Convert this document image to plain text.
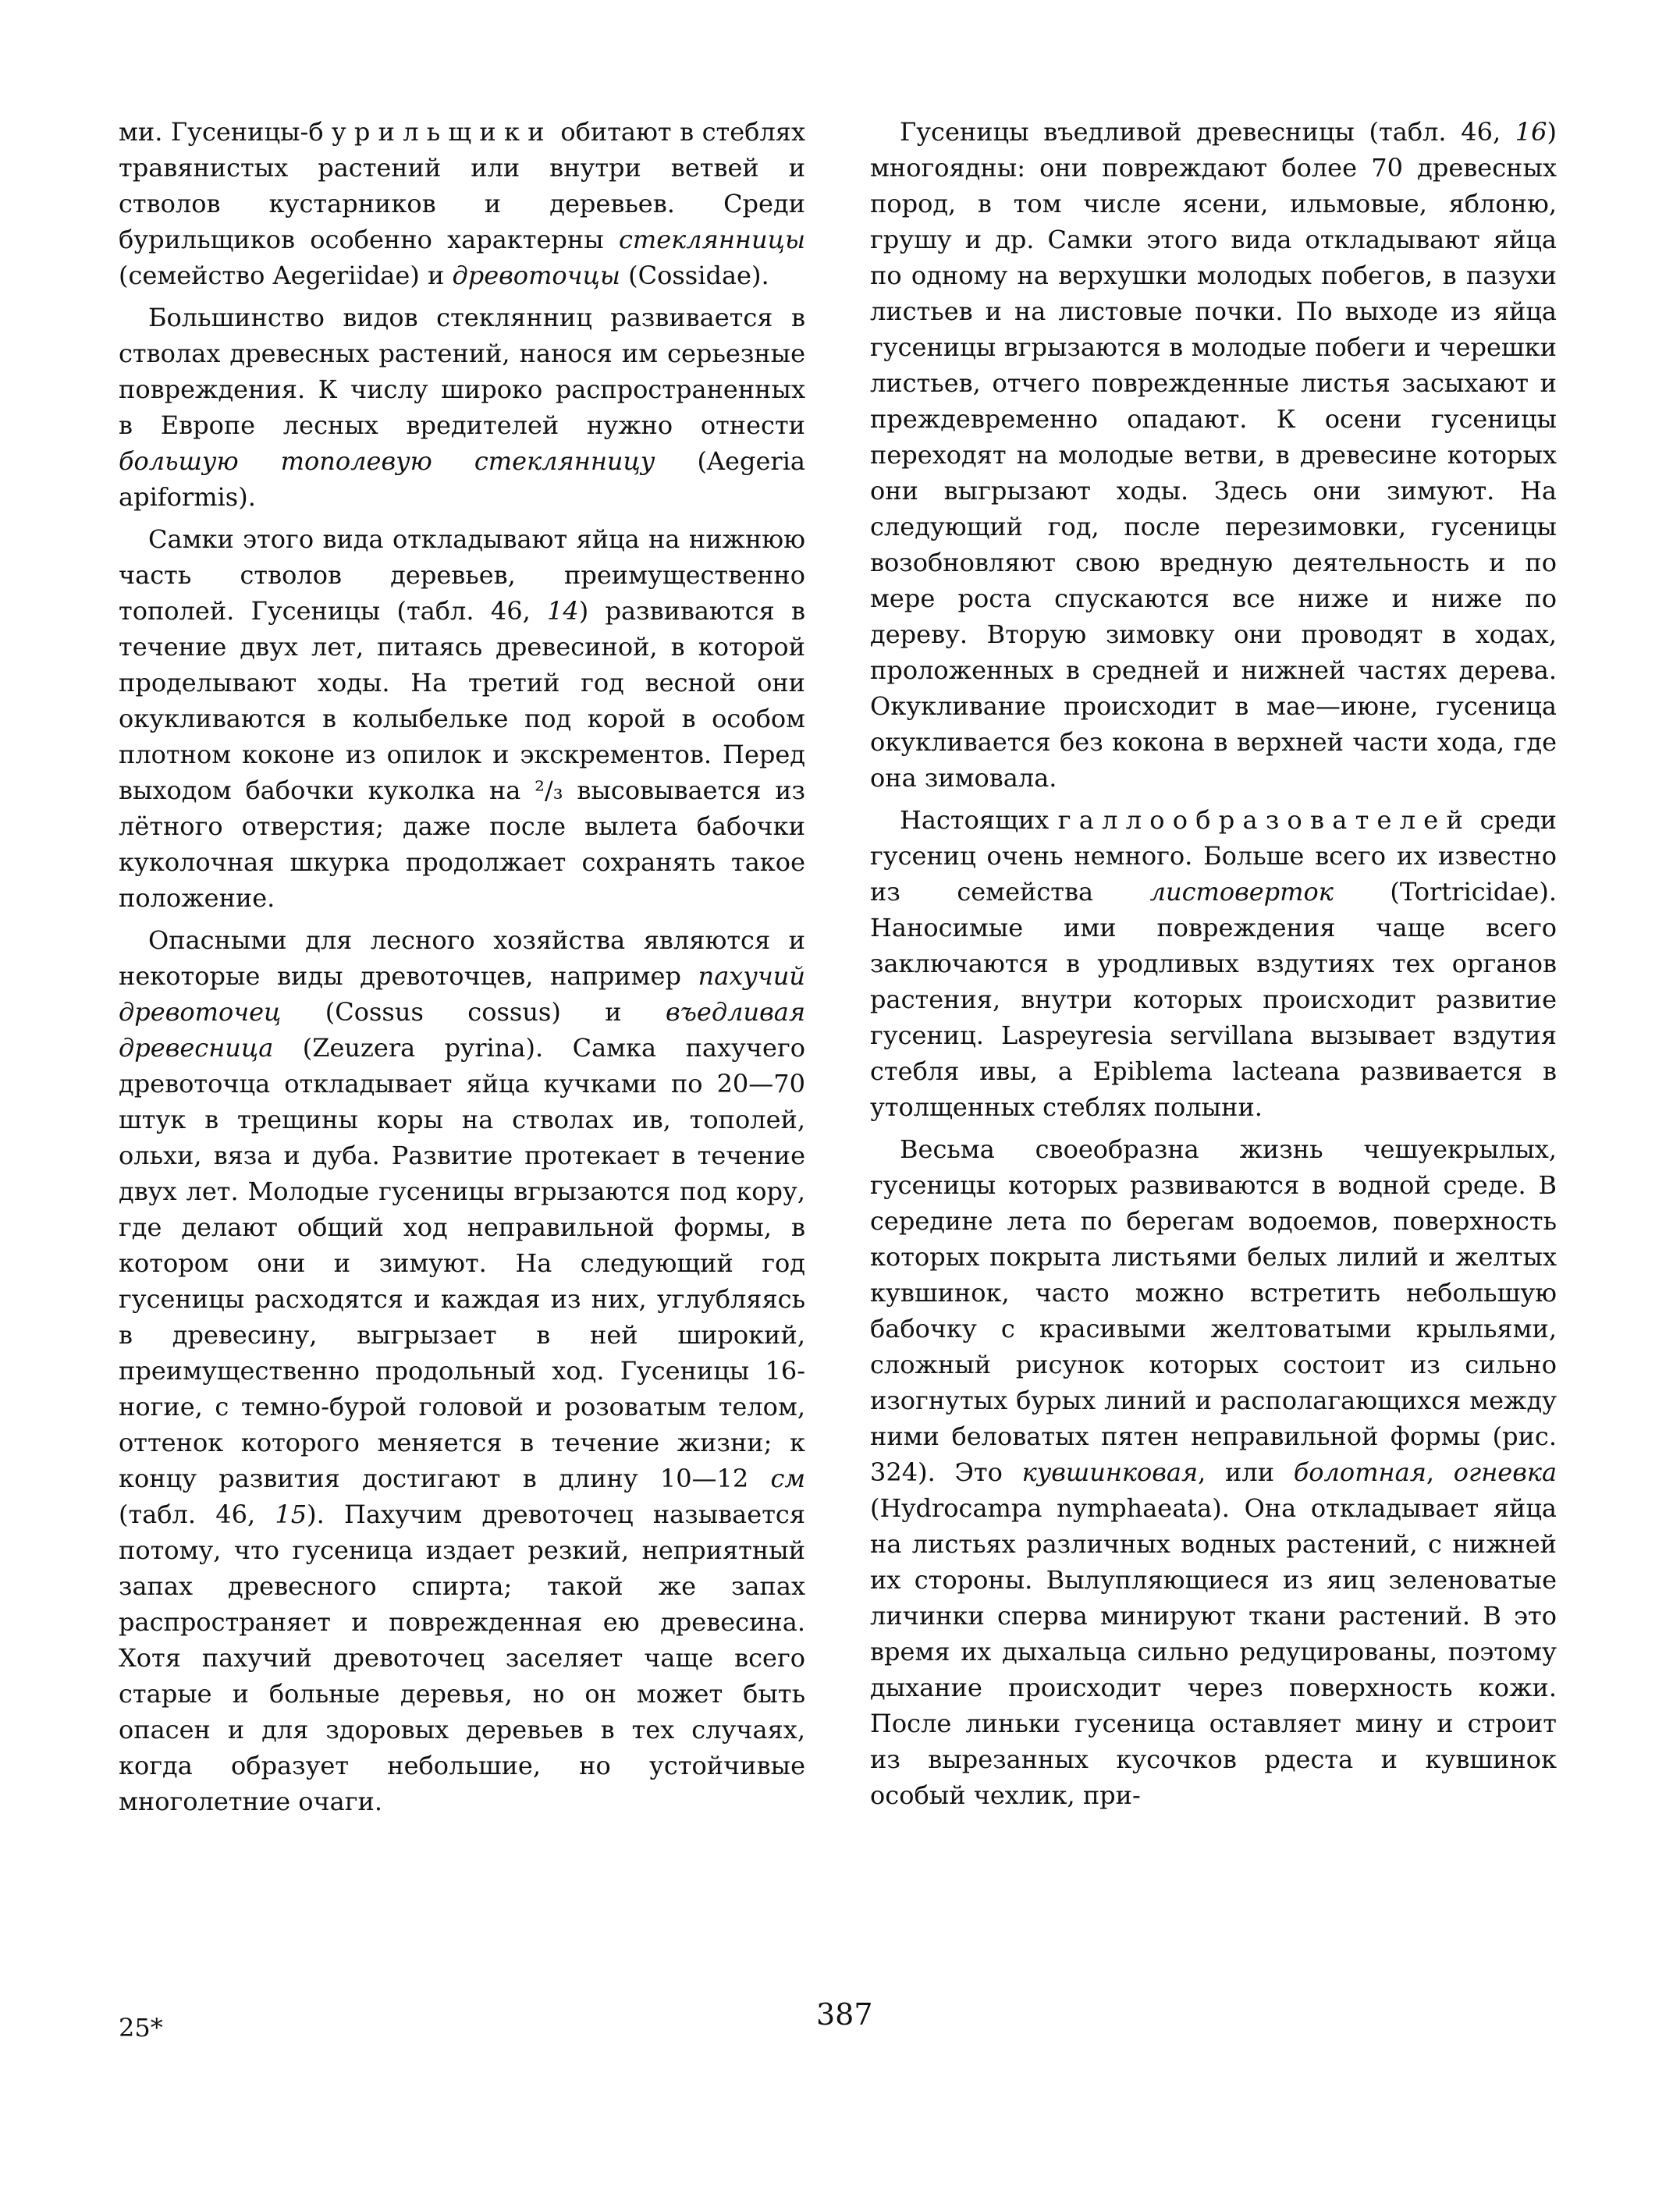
ми. Гусеницы-бурильщики обитают в стеблях травянистых растений или внутри ветвей и стволов кустарников и деревьев. Среди бурильщиков особенно характерны стеклянницы (семейство Aegeriidae) и древоточцы (Cossidae).

Большинство видов стеклянниц развивается в стволах древесных растений, нанося им серьезные повреждения. К числу широко распространенных в Европе лесных вредителей нужно отнести большую тополевую стеклянницу (Aegeria apiformis).

Самки этого вида откладывают яйца на нижнюю часть стволов деревьев, преимущественно тополей. Гусеницы (табл. 46, 14) развиваются в течение двух лет, питаясь древесиной, в которой проделывают ходы. На третий год весной они окукливаются в колыбельке под корой в особом плотном коконе из опилок и экскрементов. Перед выходом бабочки куколка на ²/₃ высовывается из лётного отверстия; даже после вылета бабочки куколочная шкурка продолжает сохранять такое положение.

Опасными для лесного хозяйства являются и некоторые виды древоточцев, например пахучий древоточец (Cossus cossus) и въедливая древесница (Zeuzera pyrina). Самка пахучего древоточца откладывает яйца кучками по 20—70 штук в трещины коры на стволах ив, тополей, ольхи, вяза и дуба. Развитие протекает в течение двух лет. Молодые гусеницы вгрызаются под кору, где делают общий ход неправильной формы, в котором они и зимуют. На следующий год гусеницы расходятся и каждая из них, углубляясь в древесину, выгрызает в ней широкий, преимущественно продольный ход. Гусеницы 16-ногие, с темно-бурой головой и розоватым телом, оттенок которого меняется в течение жизни; к концу развития достигают в длину 10—12 см (табл. 46, 15). Пахучим древоточец называется потому, что гусеница издает резкий, неприятный запах древесного спирта; такой же запах распространяет и поврежденная ею древесина. Хотя пахучий древоточец заселяет чаще всего старые и больные деревья, но он может быть опасен и для здоровых деревьев в тех случаях, когда образует небольшие, но устойчивые многолетние очаги.

Гусеницы въедливой древесницы (табл. 46, 16) многоядны: они повреждают более 70 древесных пород, в том числе ясени, ильмовые, яблоню, грушу и др. Самки этого вида откладывают яйца по одному на верхушки молодых побегов, в пазухи листьев и на листовые почки. По выходе из яйца гусеницы вгрызаются в молодые побеги и черешки листьев, отчего поврежденные листья засыхают и преждевременно опадают. К осени гусеницы переходят на молодые ветви, в древесине которых они выгрызают ходы. Здесь они зимуют. На следующий год, после перезимовки, гусеницы возобновляют свою вредную деятельность и по мере роста спускаются все ниже и ниже по дереву. Вторую зимовку они проводят в ходах, проложенных в средней и нижней частях дерева. Окукливание происходит в мае—июне, гусеница окукливается без кокона в верхней части хода, где она зимовала.

Настоящих галлообразователей среди гусениц очень немного. Больше всего их известно из семейства листоверток (Tortricidae). Наносимые ими повреждения чаще всего заключаются в уродливых вздутиях тех органов растения, внутри которых происходит развитие гусениц. Laspeyresia servillana вызывает вздутия стебля ивы, а Epiblema lacteana развивается в утолщенных стеблях полыни.

Весьма своеобразна жизнь чешуекрылых, гусеницы которых развиваются в водной среде. В середине лета по берегам водоемов, поверхность которых покрыта листьями белых лилий и желтых кувшинок, часто можно встретить небольшую бабочку с красивыми желтоватыми крыльями, сложный рисунок которых состоит из сильно изогнутых бурых линий и располагающихся между ними беловатых пятен неправильной формы (рис. 324). Это кувшинковая, или болотная, огневка (Hydrocampa nymphaeata). Она откладывает яйца на листьях различных водных растений, с нижней их стороны. Вылупляющиеся из яиц зеленоватые личинки сперва минируют ткани растений. В это время их дыхальца сильно редуцированы, поэтому дыхание происходит через поверхность кожи. После линьки гусеница оставляет мину и строит из вырезанных кусочков рдеста и кувшинок особый чехлик, при-

25*	387
